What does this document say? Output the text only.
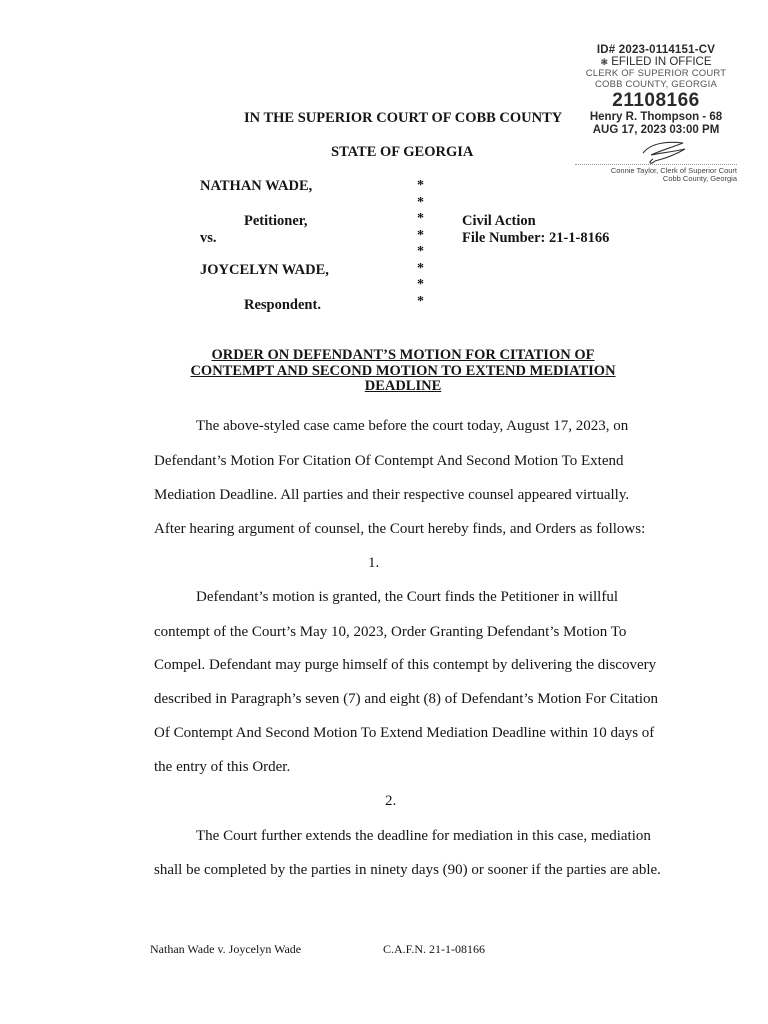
ID# 2023-0114151-CV
❃ EFILED IN OFFICE
CLERK OF SUPERIOR COURT
COBB COUNTY, GEORGIA
21108166
Henry R. Thompson - 68
AUG 17, 2023 03:00 PM
Connie Taylor, Clerk of Superior Court
Cobb County, Georgia
IN THE SUPERIOR COURT OF COBB COUNTY
STATE OF GEORGIA
NATHAN WADE,
Petitioner,
vs.
JOYCELYN WADE,
Respondent.
*
*
*
*
*
*
*
*
Civil Action
File Number: 21-1-8166
ORDER ON DEFENDANT’S MOTION FOR CITATION OF
CONTEMPT AND SECOND MOTION TO EXTEND MEDIATION
DEADLINE
The above-styled case came before the court today, August 17, 2023, on
Defendant’s Motion For Citation Of Contempt And Second Motion To Extend
Mediation Deadline. All parties and their respective counsel appeared virtually.
After hearing argument of counsel, the Court hereby finds, and Orders as follows:
1.
Defendant’s motion is granted, the Court finds the Petitioner in willful
contempt of the Court’s May 10, 2023, Order Granting Defendant’s Motion To
Compel. Defendant may purge himself of this contempt by delivering the discovery
described in Paragraph’s seven (7) and eight (8) of Defendant’s Motion For Citation
Of Contempt And Second Motion To Extend Mediation Deadline within 10 days of
the entry of this Order.
2.
The Court further extends the deadline for mediation in this case, mediation
shall be completed by the parties in ninety days (90) or sooner if the parties are able.
Nathan Wade v. Joycelyn Wade	C.A.F.N. 21-1-08166
